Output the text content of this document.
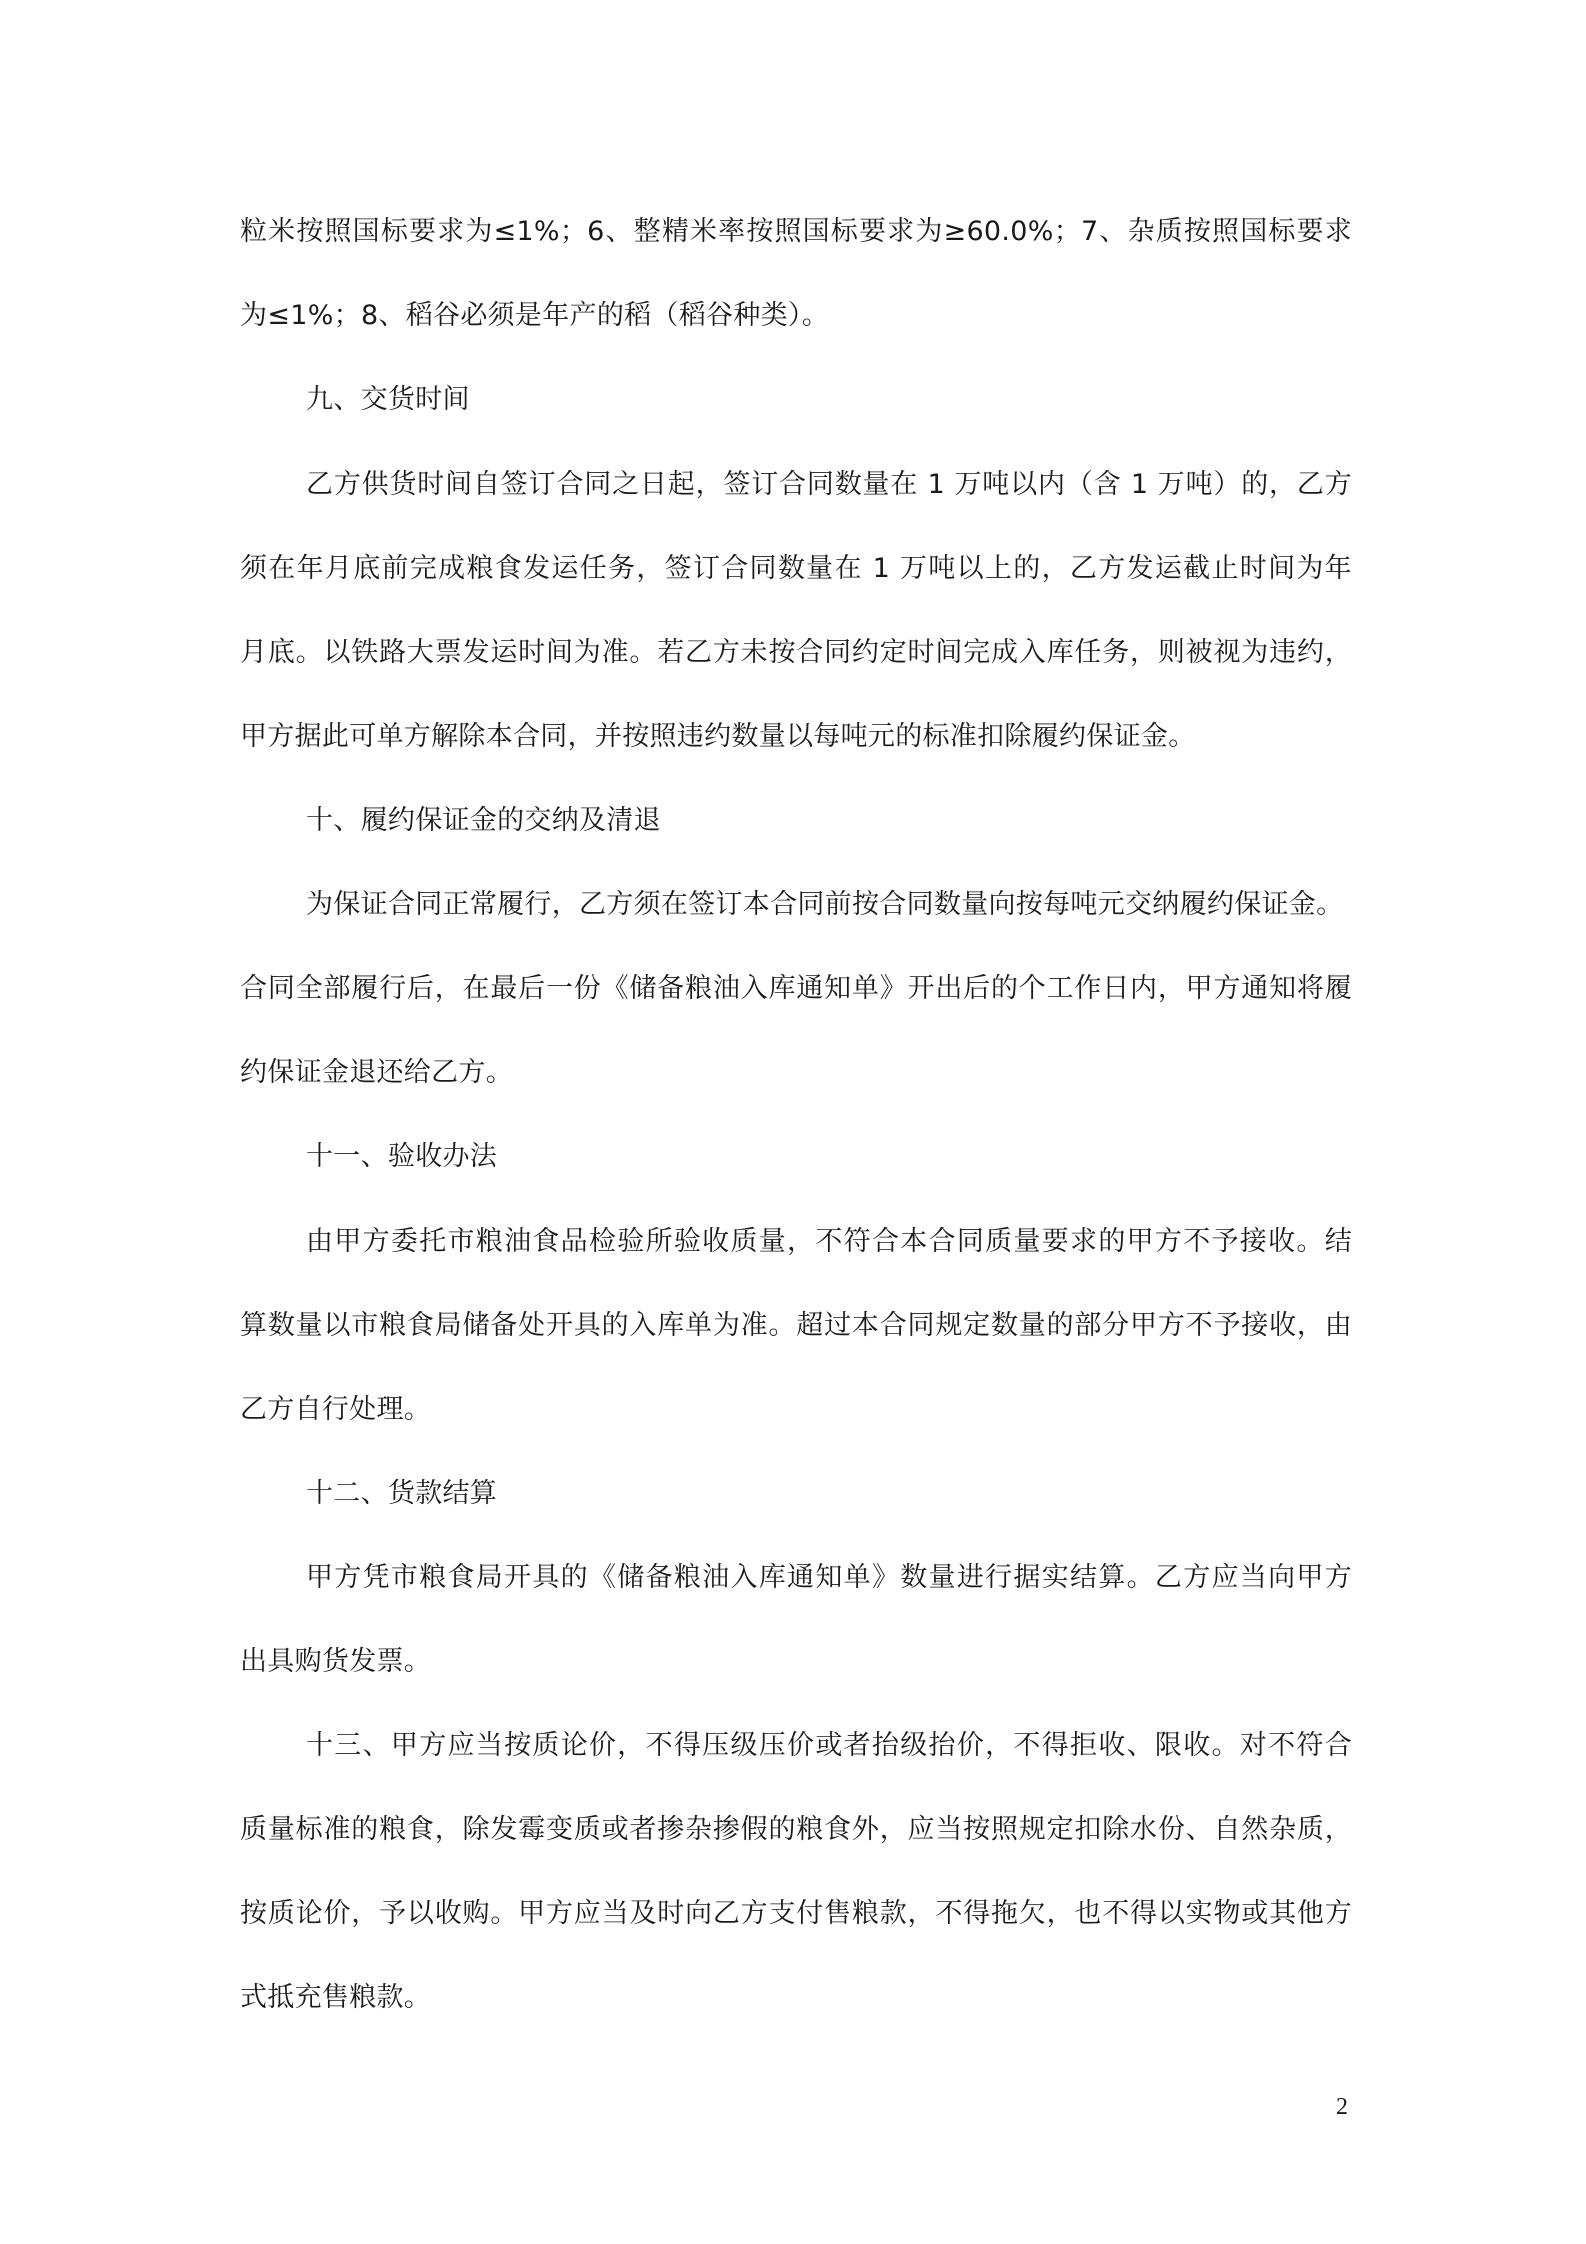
粒米按照国标要求为≤1%；6、整精米率按照国标要求为≥60.0%；7、杂质按照国标要求
为≤1%；8、稻谷必须是年产的稻（稻谷种类）。
九、交货时间
乙方供货时间自签订合同之日起，签订合同数量在 1 万吨以内（含 1 万吨）的，乙方
须在年月底前完成粮食发运任务，签订合同数量在 1 万吨以上的，乙方发运截止时间为年
月底。以铁路大票发运时间为准。若乙方未按合同约定时间完成入库任务，则被视为违约，
甲方据此可单方解除本合同，并按照违约数量以每吨元的标准扣除履约保证金。
十、履约保证金的交纳及清退
为保证合同正常履行，乙方须在签订本合同前按合同数量向按每吨元交纳履约保证金。
合同全部履行后，在最后一份《储备粮油入库通知单》开出后的个工作日内，甲方通知将履
约保证金退还给乙方。
十一、验收办法
由甲方委托市粮油食品检验所验收质量，不符合本合同质量要求的甲方不予接收。结
算数量以市粮食局储备处开具的入库单为准。超过本合同规定数量的部分甲方不予接收，由
乙方自行处理。
十二、货款结算
甲方凭市粮食局开具的《储备粮油入库通知单》数量进行据实结算。乙方应当向甲方
出具购货发票。
十三、甲方应当按质论价，不得压级压价或者抬级抬价，不得拒收、限收。对不符合
质量标准的粮食，除发霉变质或者掺杂掺假的粮食外，应当按照规定扣除水份、自然杂质，
按质论价，予以收购。甲方应当及时向乙方支付售粮款，不得拖欠，也不得以实物或其他方
式抵充售粮款。
2
